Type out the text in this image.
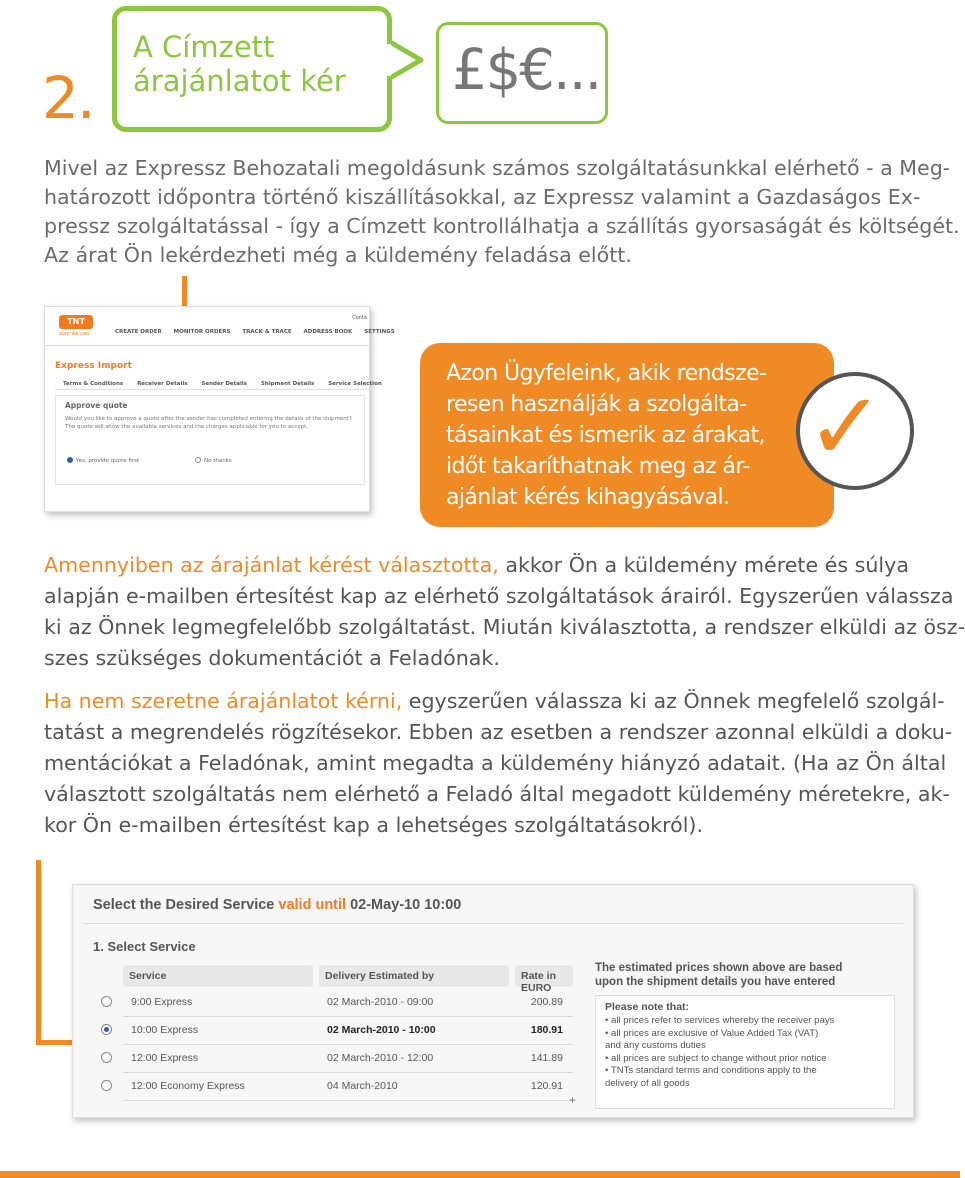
2.
A Címzett
árajánlatot kér £$€...
Mivel az Expressz Behozatali megoldásunk számos szolgáltatásunkkal elérhető - a Meg-
határozott időpontra történő kiszállításokkal, az Expressz valamint a Gazdaságos Ex-
pressz szolgáltatással - így a Címzett kontrollálhatja a szállítás gyorsaságát és költségét.
Az árat Ön lekérdezheti még a küldemény feladása előtt.
TNT
sure we can
Conta
CREATE ORDER MONITOR ORDERS TRACK & TRACE ADDRESS BOOK SETTINGS
Express Import
Terms & Conditions	Receiver Details	Sender Details	Shipment Details	Service Selection
Approve quote
Would you like to approve a quote after the sender has completed entering the details of the shipment?
The quote will show the available services and the charges applicable for you to accept.
Yes, provide quote first	No thanks
Azon Ügyfeleink, akik rendsze-
resen használják a szolgálta-
tásainkat és ismerik az árakat,
időt takaríthatnak meg az ár-
ajánlat kérés kihagyásával.
✓
Amennyiben az árajánlat kérést választotta, akkor Ön a küldemény mérete és súlya
alapján e-mailben értesítést kap az elérhető szolgáltatások árairól. Egyszerűen válassza
ki az Önnek legmegfelelőbb szolgáltatást. Miután kiválasztotta, a rendszer elküldi az ösz-
szes szükséges dokumentációt a Feladónak.
Ha nem szeretne árajánlatot kérni, egyszerűen válassza ki az Önnek megfelelő szolgál-
tatást a megrendelés rögzítésekor. Ebben az esetben a rendszer azonnal elküldi a doku-
mentációkat a Feladónak, amint megadta a küldemény hiányzó adatait. (Ha az Ön által
választott szolgáltatás nem elérhető a Feladó által megadott küldemény méretekre, ak-
kor Ön e-mailben értesítést kap a lehetséges szolgáltatásokról).
Select the Desired Service valid until 02-May-10 10:00
1. Select Service
Service	Delivery Estimated by	Rate in EURO
9:00 Express	02 March-2010 - 09:00	200.89
10:00 Express	02 March-2010 - 10:00	180.91
12:00 Express	02 March-2010 - 12:00	141.89
12:00 Economy Express	04 March-2010	120.91
+
The estimated prices shown above are based
upon the shipment details you have entered
Please note that:
• all prices refer to services whereby the receiver pays
• all prices are exclusive of Value Added Tax (VAT)
and any customs duties
• all prices are subject to change without prior notice
• TNTs standard terms and conditions apply to the
delivery of all goods
